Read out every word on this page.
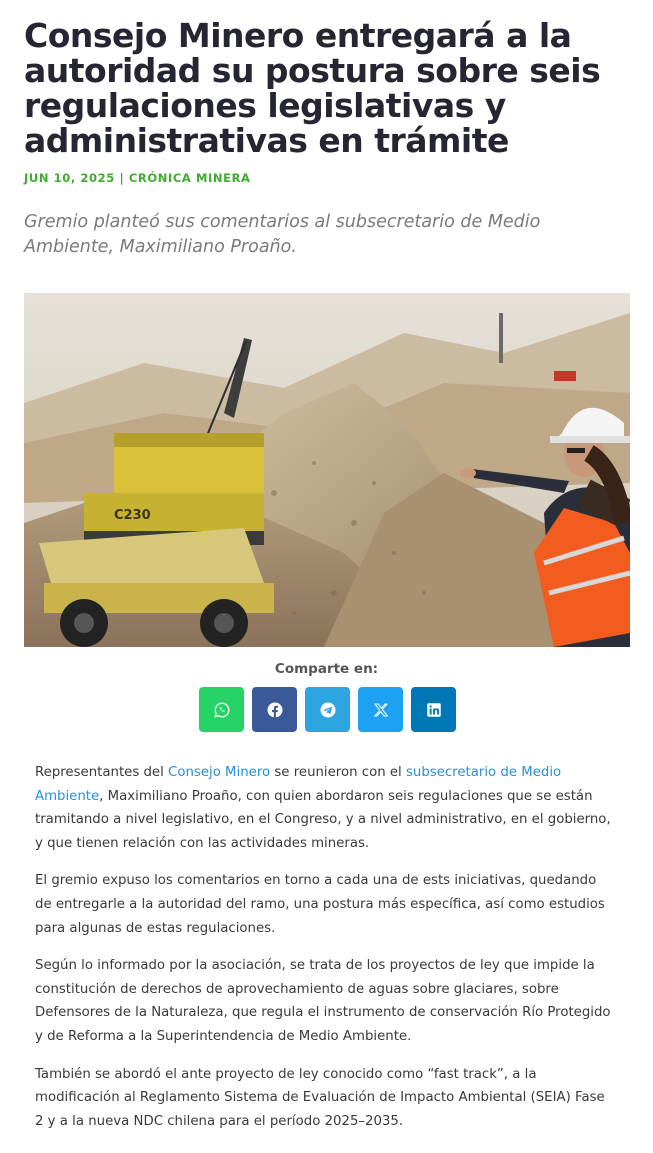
Consejo Minero entregará a la autoridad su postura sobre seis regulaciones legislativas y administrativas en trámite
JUN 10, 2025 | CRÓNICA MINERA

Gremio planteó sus comentarios al subsecretario de Medio Ambiente, Maximiliano Proaño.

C230
Comparte en:

Representantes del Consejo Minero se reunieron con el subsecretario de Medio Ambiente, Maximiliano Proaño, con quien abordaron seis regulaciones que se están tramitando a nivel legislativo, en el Congreso, y a nivel administrativo, en el gobierno, y que tienen relación con las actividades mineras.

El gremio expuso los comentarios en torno a cada una de ests iniciativas, quedando de entregarle a la autoridad del ramo, una postura más específica, así como estudios para algunas de estas regulaciones.

Según lo informado por la asociación, se trata de los proyectos de ley que impide la constitución de derechos de aprovechamiento de aguas sobre glaciares, sobre Defensores de la Naturaleza, que regula el instrumento de conservación Río Protegido y de Reforma a la Superintendencia de Medio Ambiente.

También se abordó el ante proyecto de ley conocido como “fast track”, a la modificación al Reglamento Sistema de Evaluación de Impacto Ambiental (SEIA) Fase 2 y a la nueva NDC chilena para el período 2025–2035.
